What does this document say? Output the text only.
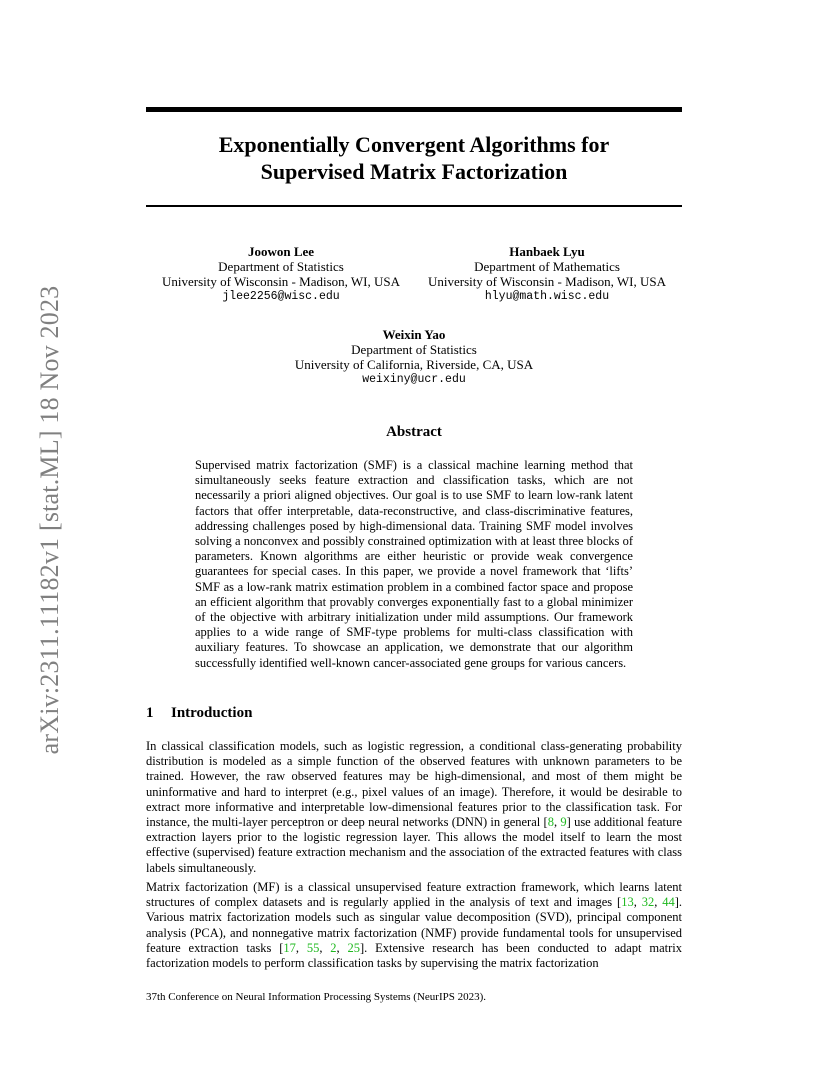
arXiv:2311.11182v1 [stat.ML] 18 Nov 2023
Exponentially Convergent Algorithms for
Supervised Matrix Factorization
Joowon Lee
Department of Statistics
University of Wisconsin - Madison, WI, USA
jlee2256@wisc.edu
Hanbaek Lyu
Department of Mathematics
University of Wisconsin - Madison, WI, USA
hlyu@math.wisc.edu
Weixin Yao
Department of Statistics
University of California, Riverside, CA, USA
weixiny@ucr.edu
Abstract
Supervised matrix factorization (SMF) is a classical machine learning method that simultaneously seeks feature extraction and classification tasks, which are not necessarily a priori aligned objectives. Our goal is to use SMF to learn low-rank latent factors that offer interpretable, data-reconstructive, and class-discriminative features, addressing challenges posed by high-dimensional data. Training SMF model involves solving a nonconvex and possibly constrained optimization with at least three blocks of parameters. Known algorithms are either heuristic or provide weak convergence guarantees for special cases. In this paper, we provide a novel framework that ‘lifts’ SMF as a low-rank matrix estimation problem in a combined factor space and propose an efficient algorithm that provably converges exponentially fast to a global minimizer of the objective with arbitrary initialization under mild assumptions. Our framework applies to a wide range of SMF-type problems for multi-class classification with auxiliary features. To showcase an application, we demonstrate that our algorithm successfully identified well-known cancer-associated gene groups for various cancers.
1 Introduction
In classical classification models, such as logistic regression, a conditional class-generating probability distribution is modeled as a simple function of the observed features with unknown parameters to be trained. However, the raw observed features may be high-dimensional, and most of them might be uninformative and hard to interpret (e.g., pixel values of an image). Therefore, it would be desirable to extract more informative and interpretable low-dimensional features prior to the classification task. For instance, the multi-layer perceptron or deep neural networks (DNN) in general [8, 9] use additional feature extraction layers prior to the logistic regression layer. This allows the model itself to learn the most effective (supervised) feature extraction mechanism and the association of the extracted features with class labels simultaneously.
Matrix factorization (MF) is a classical unsupervised feature extraction framework, which learns latent structures of complex datasets and is regularly applied in the analysis of text and images [13, 32, 44]. Various matrix factorization models such as singular value decomposition (SVD), principal component analysis (PCA), and nonnegative matrix factorization (NMF) provide fundamental tools for unsupervised feature extraction tasks [17, 55, 2, 25]. Extensive research has been conducted to adapt matrix factorization models to perform classification tasks by supervising the matrix factorization
37th Conference on Neural Information Processing Systems (NeurIPS 2023).
